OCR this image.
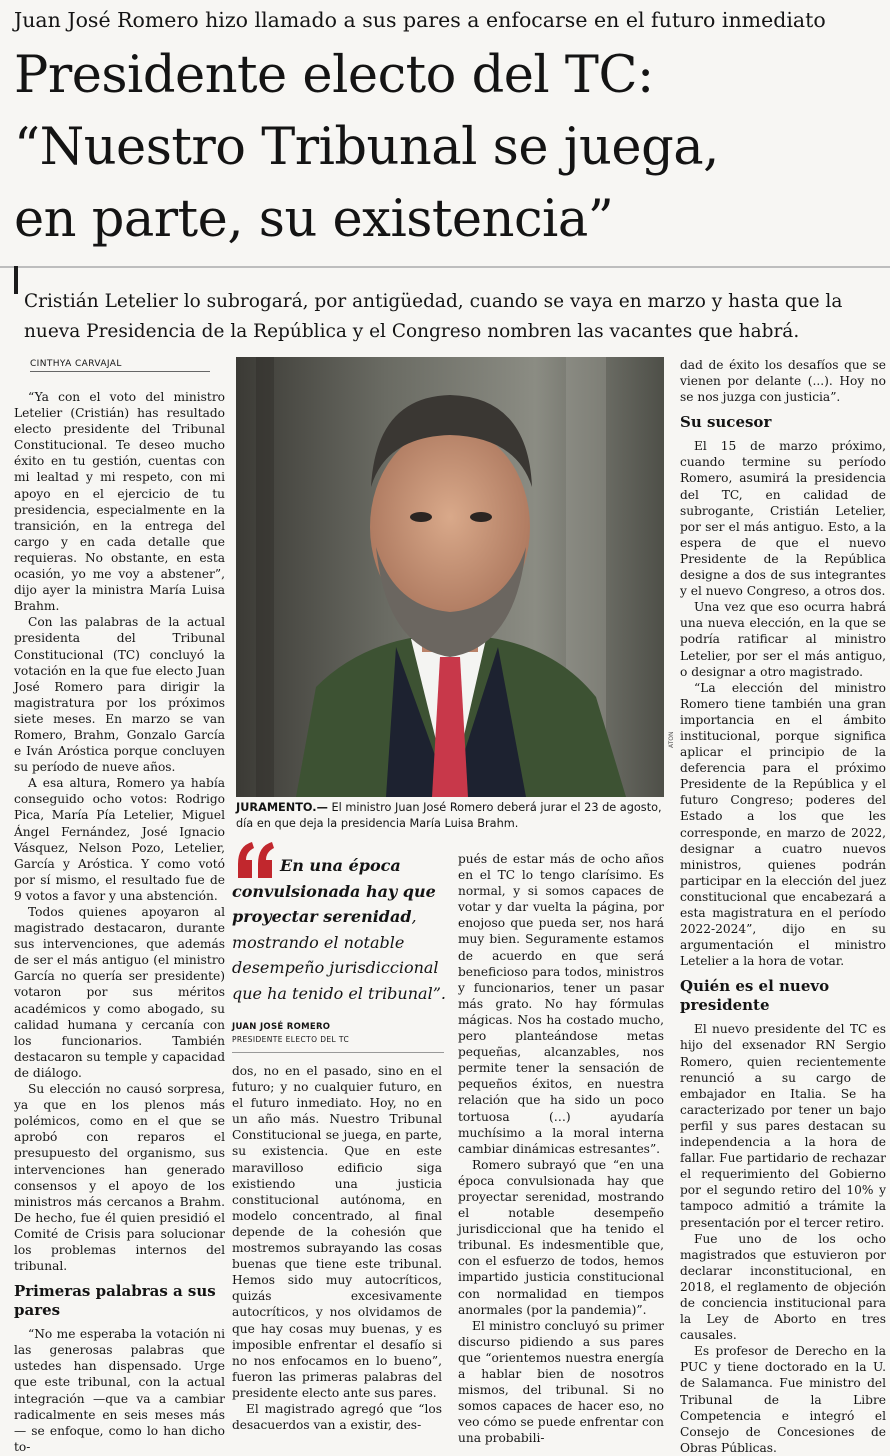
Juan José Romero hizo llamado a sus pares a enfocarse en el futuro inmediato
Presidente electo del TC:
“Nuestro Tribunal se juega,
en parte, su existencia”
Cristián Letelier lo subrogará, por antigüedad, cuando se vaya en marzo y hasta que la
nueva Presidencia de la República y el Congreso nombren las vacantes que habrá.
CINTHYA CARVAJAL

“Ya con el voto del ministro Letelier (Cristián) has resultado electo presidente del Tribunal Constitucional. Te deseo mucho éxito en tu gestión, cuentas con mi lealtad y mi respeto, con mi apoyo en el ejercicio de tu presidencia, especialmente en la transición, en la entrega del cargo y en cada detalle que requieras. No obstante, en esta ocasión, yo me voy a abstener”, dijo ayer la ministra María Luisa Brahm.

Con las palabras de la actual presidenta del Tribunal Constitucional (TC) concluyó la votación en la que fue electo Juan José Romero para dirigir la magistratura por los próximos siete meses. En marzo se van Romero, Brahm, Gonzalo García e Iván Aróstica porque concluyen su período de nueve años.

A esa altura, Romero ya había conseguido ocho votos: Rodrigo Pica, María Pía Letelier, Miguel Ángel Fernández, José Ignacio Vásquez, Nelson Pozo, Letelier, García y Aróstica. Y como votó por sí mismo, el resultado fue de 9 votos a favor y una abstención.

Todos quienes apoyaron al magistrado destacaron, durante sus intervenciones, que además de ser el más antiguo (el ministro García no quería ser presidente) votaron por sus méritos académicos y como abogado, su calidad humana y cercanía con los funcionarios. También destacaron su temple y capacidad de diálogo.

Su elección no causó sorpresa, ya que en los plenos más polémicos, como en el que se aprobó con reparos el presupuesto del organismo, sus intervenciones han generado consensos y el apoyo de los ministros más cercanos a Brahm. De hecho, fue él quien presidió el Comité de Crisis para solucionar los problemas internos del tribunal.

Primeras palabras a sus pares

“No me esperaba la votación ni las generosas palabras que ustedes han dispensado. Urge que este tribunal, con la actual integración —que va a cambiar radicalmente en seis meses más— se enfoque, como lo han dicho to-

ATON
JURAMENTO.— El ministro Juan José Romero deberá jurar el 23 de agosto, día en que deja la presidencia María Luisa Brahm.
En una época convulsionada hay que proyectar serenidad, mostrando el notable desempeño jurisdiccional que ha tenido el tribunal”.
JUAN JOSÉ ROMERO
PRESIDENTE ELECTO DEL TC

dos, no en el pasado, sino en el futuro; y no cualquier futuro, en el futuro inmediato. Hoy, no en un año más. Nuestro Tribunal Constitucional se juega, en parte, su existencia. Que en este maravilloso edificio siga existiendo una justicia constitucional autónoma, en modelo concentrado, al final depende de la cohesión que mostremos subrayando las cosas buenas que tiene este tribunal. Hemos sido muy autocríticos, quizás excesivamente autocríticos, y nos olvidamos de que hay cosas muy buenas, y es imposible enfrentar el desafío si no nos enfocamos en lo bueno”, fueron las primeras palabras del presidente electo ante sus pares.

El magistrado agregó que “los desacuerdos van a existir, des-

pués de estar más de ocho años en el TC lo tengo clarísimo. Es normal, y si somos capaces de votar y dar vuelta la página, por enojoso que pueda ser, nos hará muy bien. Seguramente estamos de acuerdo en que será beneficioso para todos, ministros y funcionarios, tener un pasar más grato. No hay fórmulas mágicas. Nos ha costado mucho, pero planteándose metas pequeñas, alcanzables, nos permite tener la sensación de pequeños éxitos, en nuestra relación que ha sido un poco tortuosa (…) ayudaría muchísimo a la moral interna cambiar dinámicas estresantes”.

Romero subrayó que “en una época convulsionada hay que proyectar serenidad, mostrando el notable desempeño jurisdiccional que ha tenido el tribunal. Es indesmentible que, con el esfuerzo de todos, hemos impartido justicia constitucional con normalidad en tiempos anormales (por la pandemia)”.

El ministro concluyó su primer discurso pidiendo a sus pares que “orientemos nuestra energía a hablar bien de nosotros mismos, del tribunal. Si no somos capaces de hacer eso, no veo cómo se puede enfrentar con una probabili-

dad de éxito los desafíos que se vienen por delante (...). Hoy no se nos juzga con justicia”.

Su sucesor

El 15 de marzo próximo, cuando termine su período Romero, asumirá la presidencia del TC, en calidad de subrogante, Cristián Letelier, por ser el más antiguo. Esto, a la espera de que el nuevo Presidente de la República designe a dos de sus integrantes y el nuevo Congreso, a otros dos.

Una vez que eso ocurra habrá una nueva elección, en la que se podría ratificar al ministro Letelier, por ser el más antiguo, o designar a otro magistrado.

“La elección del ministro Romero tiene también una gran importancia en el ámbito institucional, porque significa aplicar el principio de la deferencia para el próximo Presidente de la República y el futuro Congreso; poderes del Estado a los que les corresponde, en marzo de 2022, designar a cuatro nuevos ministros, quienes podrán participar en la elección del juez constitucional que encabezará a esta magistratura en el período 2022-2024”, dijo en su argumentación el ministro Letelier a la hora de votar.

Quién es el nuevo presidente

El nuevo presidente del TC es hijo del exsenador RN Sergio Romero, quien recientemente renunció a su cargo de embajador en Italia. Se ha caracterizado por tener un bajo perfil y sus pares destacan su independencia a la hora de fallar. Fue partidario de rechazar el requerimiento del Gobierno por el segundo retiro del 10% y tampoco admitió a trámite la presentación por el tercer retiro.

Fue uno de los ocho magistrados que estuvieron por declarar inconstitucional, en 2018, el reglamento de objeción de conciencia institucional para la Ley de Aborto en tres causales.

Es profesor de Derecho en la PUC y tiene doctorado en la U. de Salamanca. Fue ministro del Tribunal de la Libre Competencia e integró el Consejo de Concesiones de Obras Públicas.
